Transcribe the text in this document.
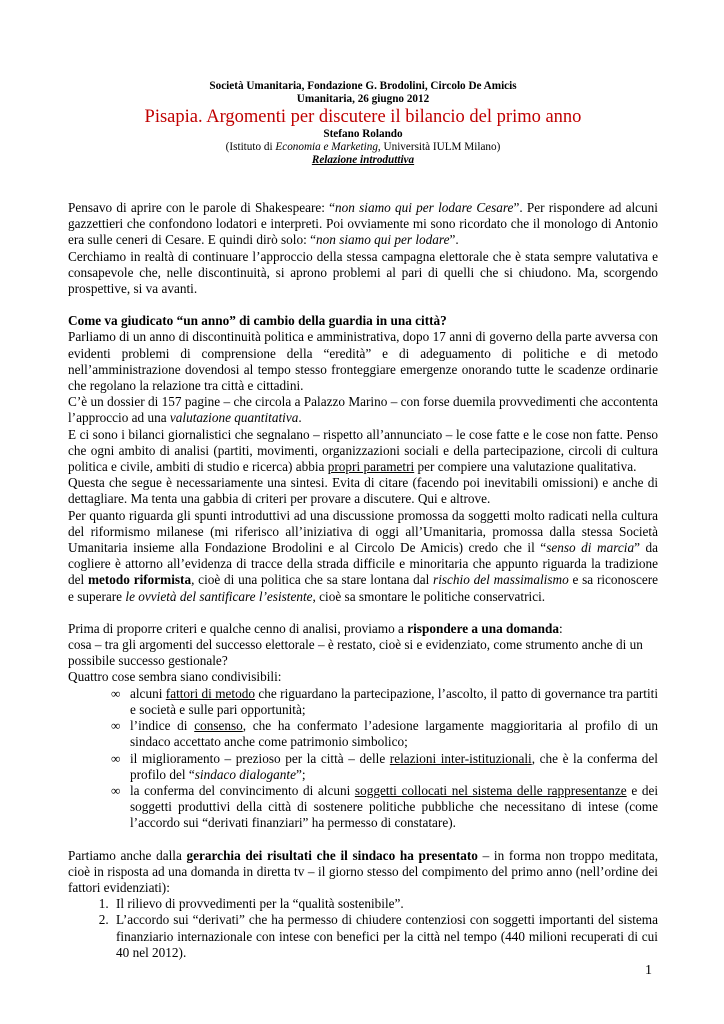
Società Umanitaria, Fondazione G. Brodolini, Circolo De Amicis
Umanitaria, 26 giugno 2012
Pisapia. Argomenti per discutere il bilancio del primo anno
Stefano Rolando
(Istituto di Economia e Marketing, Università IULM Milano)
Relazione introduttiva

Pensavo di aprire con le parole di Shakespeare: “non siamo qui per lodare Cesare”. Per rispondere ad alcuni gazzettieri che confondono lodatori e interpreti. Poi ovviamente mi sono ricordato che il monologo di Antonio era sulle ceneri di Cesare. E quindi dirò solo: “non siamo qui per lodare”.

Cerchiamo in realtà di continuare l’approccio della stessa campagna elettorale che è stata sempre valutativa e consapevole che, nelle discontinuità, si aprono problemi al pari di quelli che si chiudono. Ma, scorgendo prospettive, si va avanti.

Come va giudicato “un anno” di cambio della guardia in una città?

Parliamo di un anno di discontinuità politica e amministrativa, dopo 17 anni di governo della parte avversa con evidenti problemi di comprensione della “eredità” e di adeguamento di politiche e di metodo nell’amministrazione dovendosi al tempo stesso fronteggiare emergenze onorando tutte le scadenze ordinarie che regolano la relazione tra città e cittadini.

C’è un dossier di 157 pagine – che circola a Palazzo Marino – con forse duemila provvedimenti che accontenta l’approccio ad una valutazione quantitativa.

E ci sono i bilanci giornalistici che segnalano – rispetto all’annunciato – le cose fatte e le cose non fatte. Penso che ogni ambito di analisi (partiti, movimenti, organizzazioni sociali e della partecipazione, circoli di cultura politica e civile, ambiti di studio e ricerca) abbia propri parametri per compiere una valutazione qualitativa.

Questa che segue è necessariamente una sintesi. Evita di citare (facendo poi inevitabili omissioni) e anche di dettagliare. Ma tenta una gabbia di criteri per provare a discutere. Qui e altrove.

Per quanto riguarda gli spunti introduttivi ad una discussione promossa da soggetti molto radicati nella cultura del riformismo milanese (mi riferisco all’iniziativa di oggi all’Umanitaria, promossa dalla stessa Società Umanitaria insieme alla Fondazione Brodolini e al Circolo De Amicis) credo che il “senso di marcia” da cogliere è attorno all’evidenza di tracce della strada difficile e minoritaria che appunto riguarda la tradizione del metodo riformista, cioè di una politica che sa stare lontana dal rischio del massimalismo e sa riconoscere e superare le ovvietà del santificare l’esistente, cioè sa smontare le politiche conservatrici.

Prima di proporre criteri e qualche cenno di analisi, proviamo a rispondere a una domanda:

cosa – tra gli argomenti del successo elettorale – è restato, cioè si e evidenziato, come strumento anche di un possibile successo gestionale?

Quattro cose sembra siano condivisibili:

∞ alcuni fattori di metodo che riguardano la partecipazione, l’ascolto, il patto di governance tra partiti e società e sulle pari opportunità;
∞ l’indice di consenso, che ha confermato l’adesione largamente maggioritaria al profilo di un sindaco accettato anche come patrimonio simbolico;
∞ il miglioramento – prezioso per la città – delle relazioni inter-istituzionali, che è la conferma del profilo del “sindaco dialogante”;
∞ la conferma del convincimento di alcuni soggetti collocati nel sistema delle rappresentanze e dei soggetti produttivi della città di sostenere politiche pubbliche che necessitano di intese (come l’accordo sui “derivati finanziari” ha permesso di constatare).

Partiamo anche dalla gerarchia dei risultati che il sindaco ha presentato – in forma non troppo meditata, cioè in risposta ad una domanda in diretta tv – il giorno stesso del compimento del primo anno (nell’ordine dei fattori evidenziati):

1. Il rilievo di provvedimenti per la “qualità sostenibile”.
2. L’accordo sui “derivati” che ha permesso di chiudere contenziosi con soggetti importanti del sistema finanziario internazionale con intese con benefici per la città nel tempo (440 milioni recuperati di cui 40 nel 2012).
1
